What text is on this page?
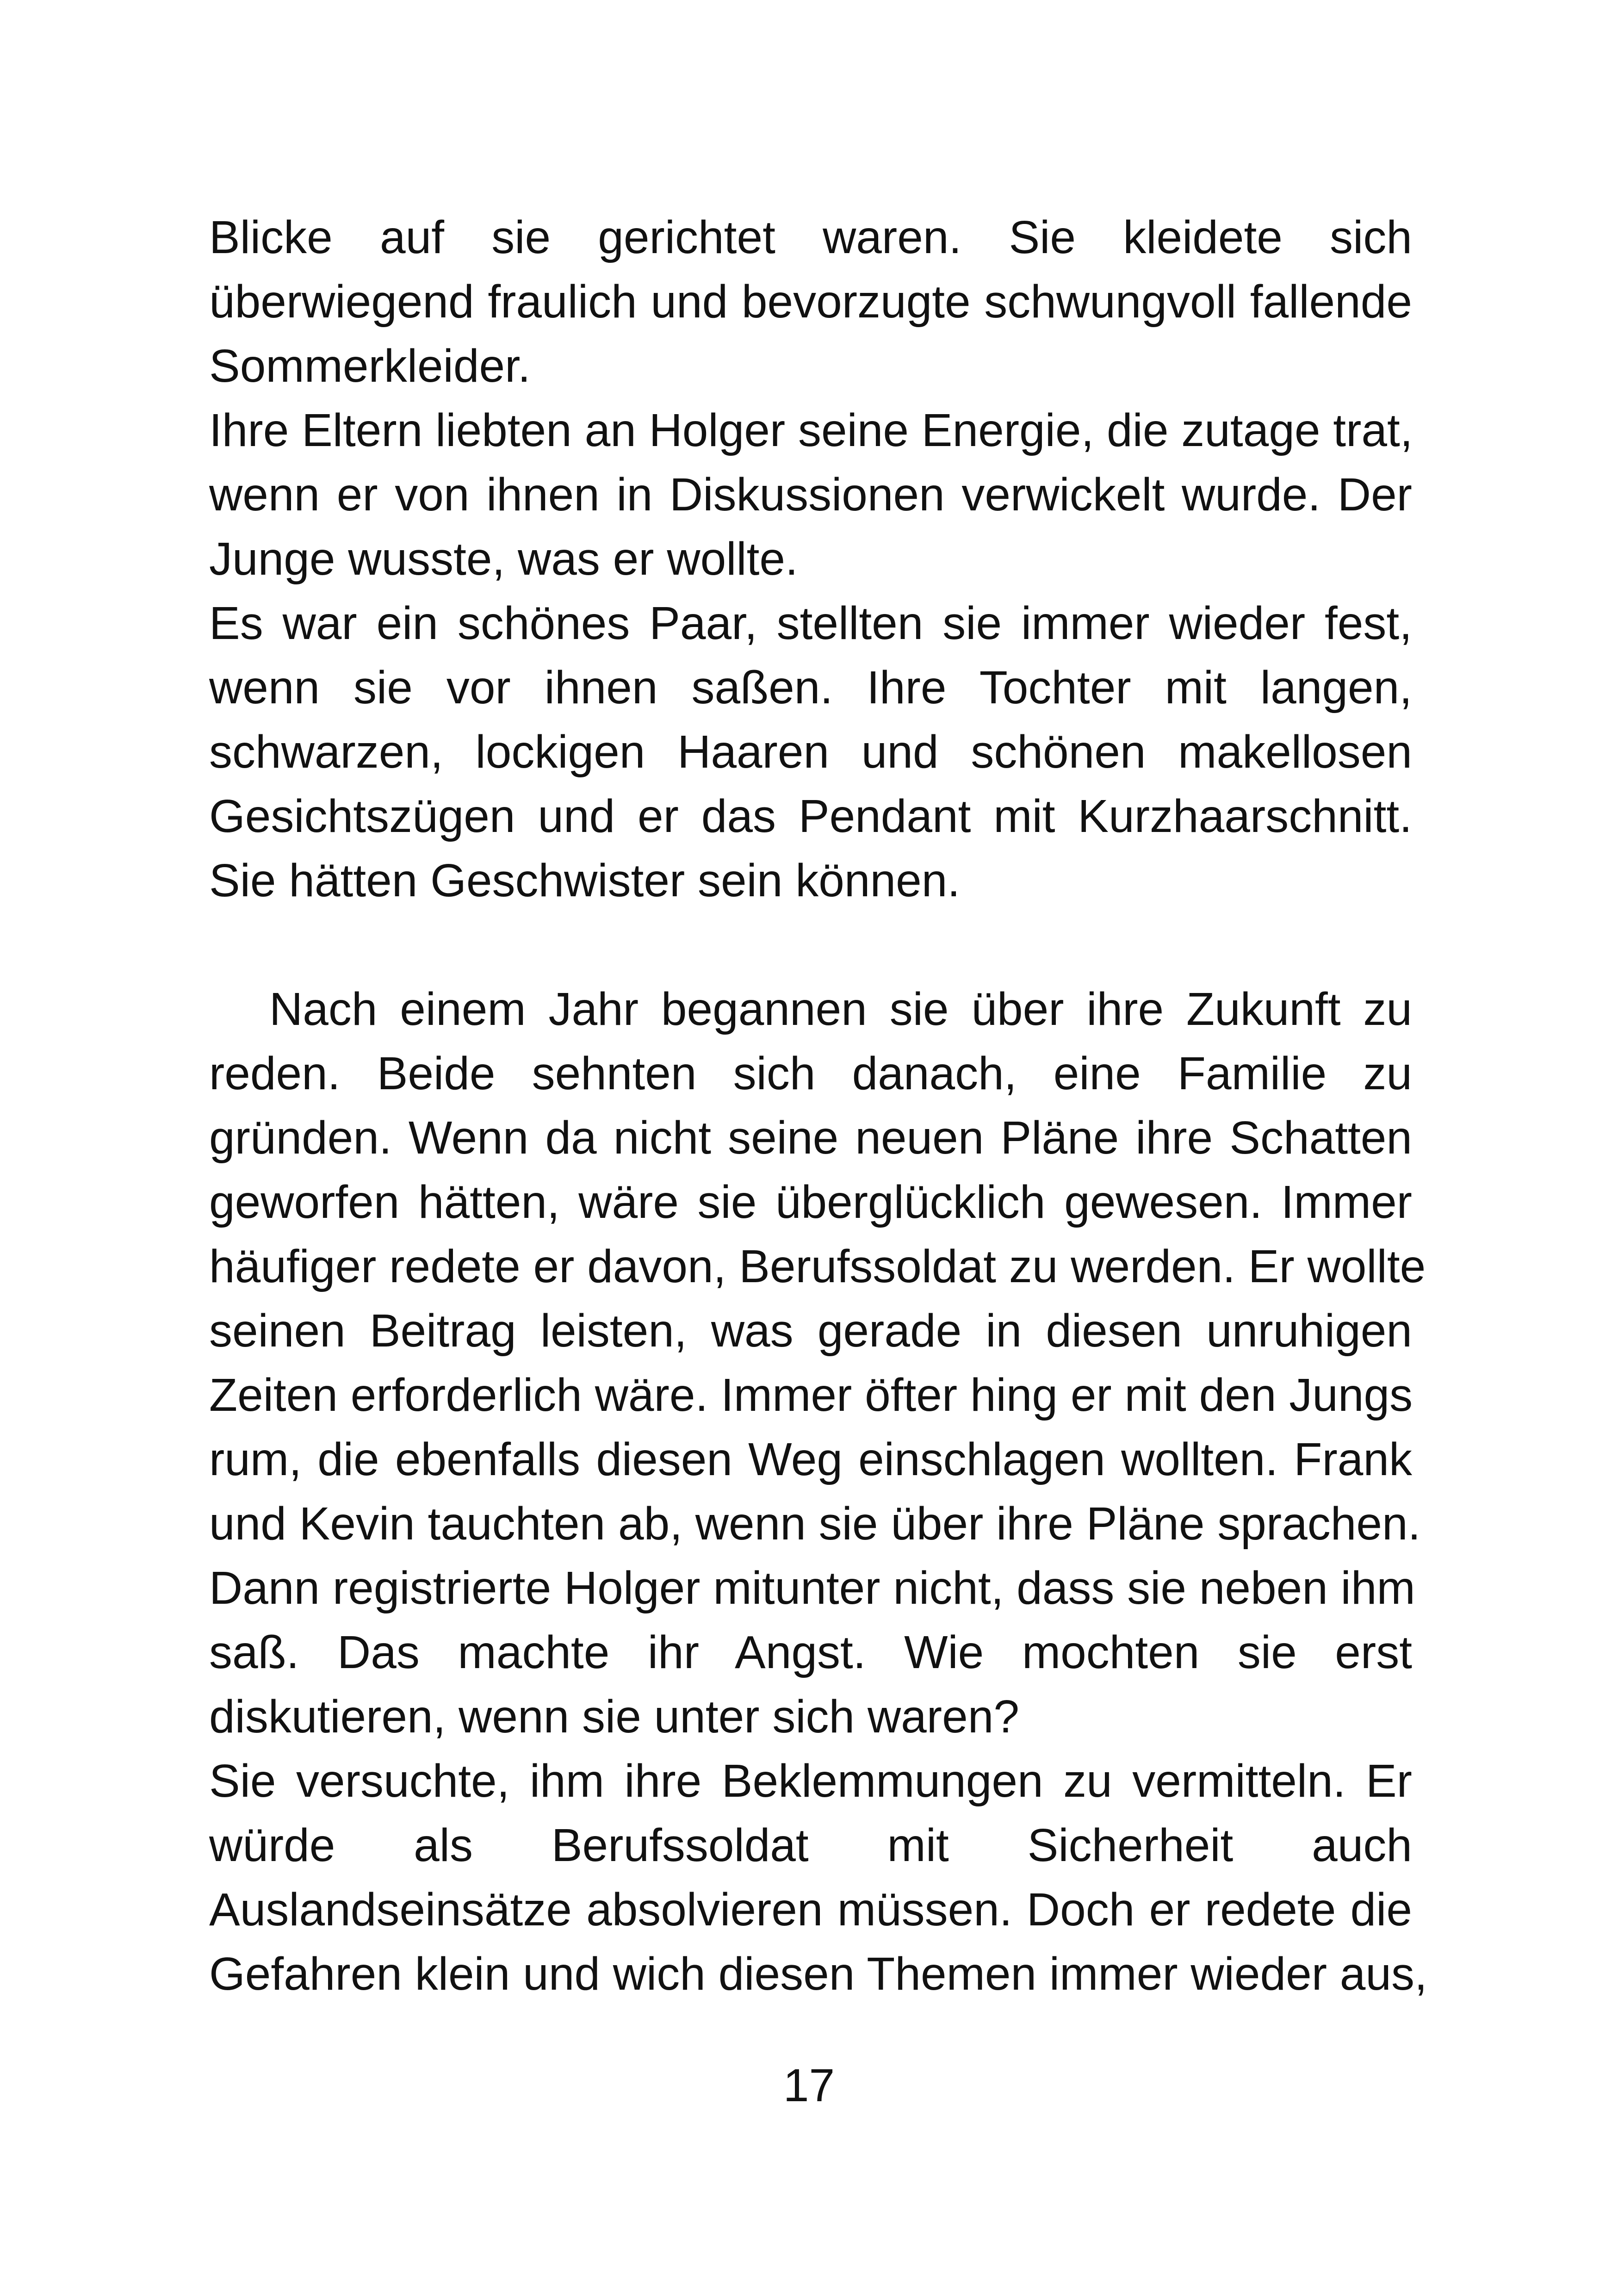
Blicke auf sie gerichtet waren. Sie kleidete sich
überwiegend fraulich und bevorzugte schwungvoll fallende
Sommerkleider.
Ihre Eltern liebten an Holger seine Energie, die zutage trat,
wenn er von ihnen in Diskussionen verwickelt wurde. Der
Junge wusste, was er wollte.
Es war ein schönes Paar, stellten sie immer wieder fest,
wenn sie vor ihnen saßen. Ihre Tochter mit langen,
schwarzen, lockigen Haaren und schönen makellosen
Gesichtszügen und er das Pendant mit Kurzhaarschnitt.
Sie hätten Geschwister sein können.
Nach einem Jahr begannen sie über ihre Zukunft zu
reden. Beide sehnten sich danach, eine Familie zu
gründen. Wenn da nicht seine neuen Pläne ihre Schatten
geworfen hätten, wäre sie überglücklich gewesen. Immer
häufiger redete er davon, Berufssoldat zu werden. Er wollte
seinen Beitrag leisten, was gerade in diesen unruhigen
Zeiten erforderlich wäre. Immer öfter hing er mit den Jungs
rum, die ebenfalls diesen Weg einschlagen wollten. Frank
und Kevin tauchten ab, wenn sie über ihre Pläne sprachen.
Dann registrierte Holger mitunter nicht, dass sie neben ihm
saß. Das machte ihr Angst. Wie mochten sie erst
diskutieren, wenn sie unter sich waren?
Sie versuchte, ihm ihre Beklemmungen zu vermitteln. Er
würde als Berufssoldat mit Sicherheit auch
Auslandseinsätze absolvieren müssen. Doch er redete die
Gefahren klein und wich diesen Themen immer wieder aus,
17
